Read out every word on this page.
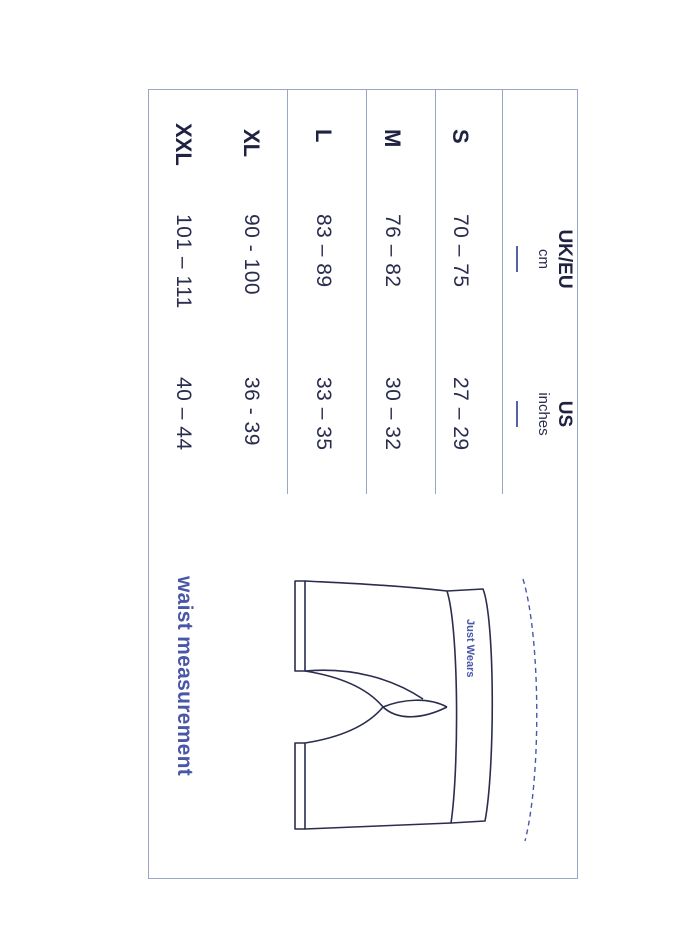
UK/EU
cm
US
inches
S
70 – 75
27 – 29
M
76 – 82
30 – 32
L
83 – 89
33 – 35
XL
90 - 100
36 - 39
XXL
101 – 111
40 – 44
Just Wears
waist measurement
